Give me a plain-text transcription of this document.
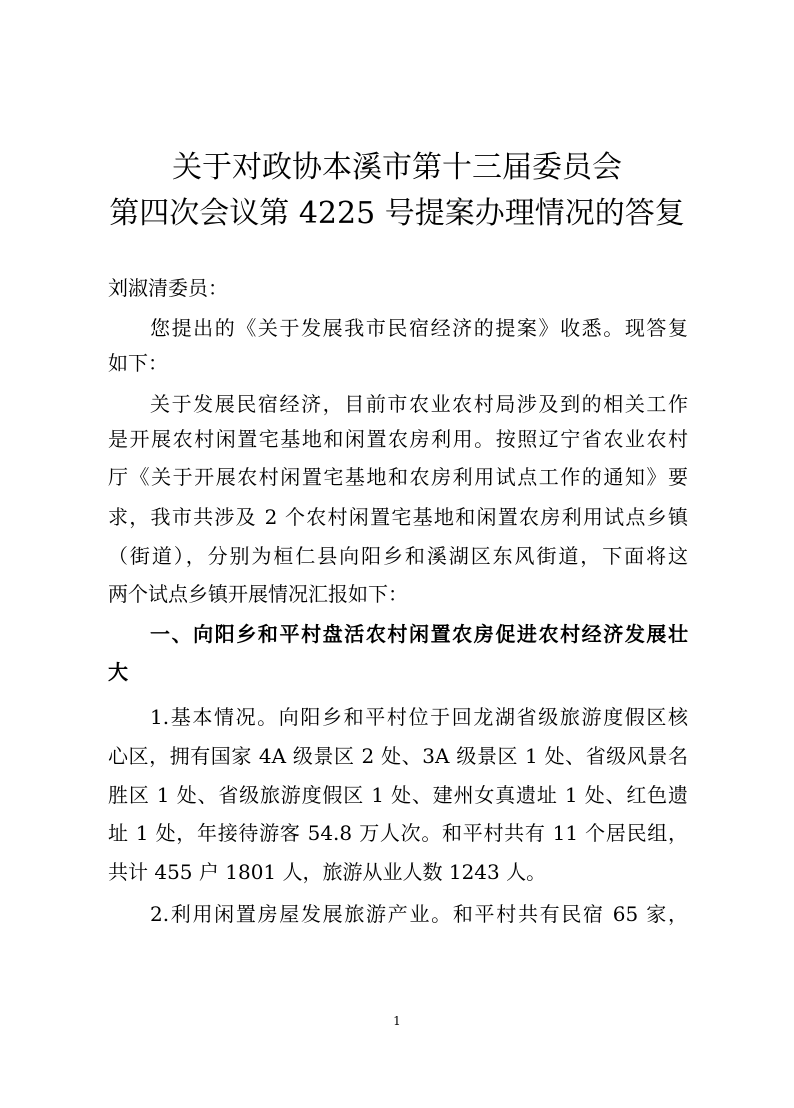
关于对政协本溪市第十三届委员会
第四次会议第 4225 号提案办理情况的答复
刘淑清委员：
您提出的《关于发展我市民宿经济的提案》收悉。现答复
如下：
关于发展民宿经济，目前市农业农村局涉及到的相关工作
是开展农村闲置宅基地和闲置农房利用。按照辽宁省农业农村
厅《关于开展农村闲置宅基地和农房利用试点工作的通知》要
求，我市共涉及 2 个农村闲置宅基地和闲置农房利用试点乡镇
（街道），分别为桓仁县向阳乡和溪湖区东风街道，下面将这
两个试点乡镇开展情况汇报如下：
一、向阳乡和平村盘活农村闲置农房促进农村经济发展壮
大
1.基本情况。向阳乡和平村位于回龙湖省级旅游度假区核
心区，拥有国家 4A 级景区 2 处、3A 级景区 1 处、省级风景名
胜区 1 处、省级旅游度假区 1 处、建州女真遗址 1 处、红色遗
址 1 处，年接待游客 54.8 万人次。和平村共有 11 个居民组，
共计 455 户 1801 人，旅游从业人数 1243 人。
2.利用闲置房屋发展旅游产业。和平村共有民宿 65 家，
1
